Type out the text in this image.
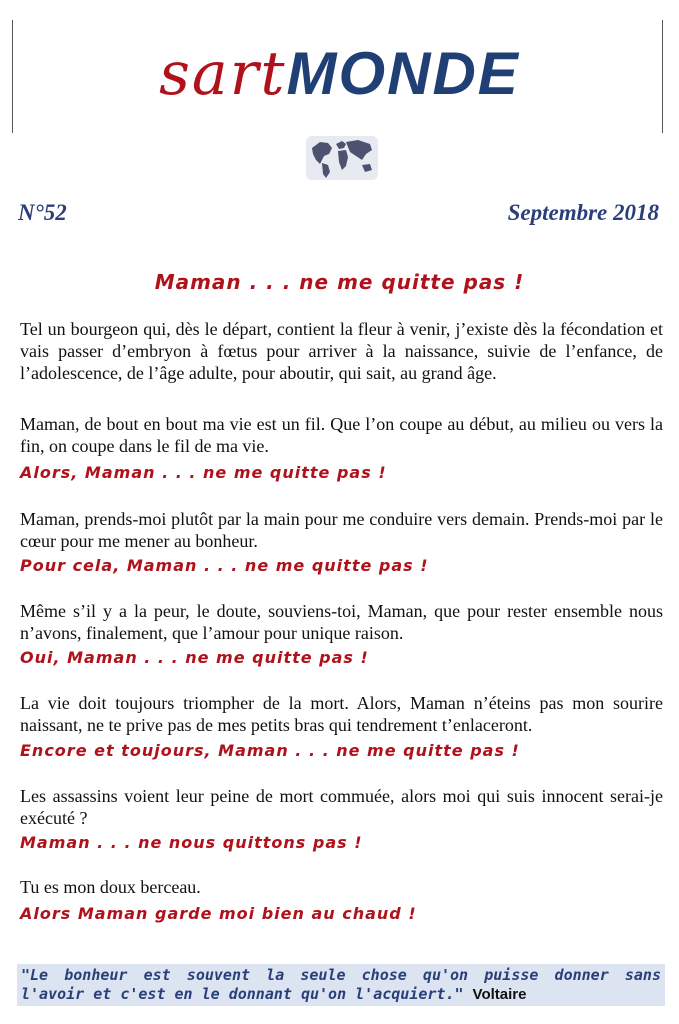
sartMONDE
N°52	Septembre 2018
Maman . . . ne me quitte pas !
Tel un bourgeon qui, dès le départ, contient la fleur à venir, j’existe dès la fécondation et vais passer d’embryon à fœtus pour arriver à la naissance, suivie de l’enfance, de l’adolescence, de l’âge adulte, pour aboutir, qui sait, au grand âge.
Maman, de bout en bout ma vie est un fil. Que l’on coupe au début, au milieu ou vers la fin, on coupe dans le fil de ma vie.
Alors, Maman . . . ne me quitte pas !
Maman, prends-moi plutôt par la main pour me conduire vers demain. Prends-moi par le cœur pour me mener au bonheur.
Pour cela, Maman . . . ne me quitte pas !
Même s’il y a la peur, le doute, souviens-toi, Maman, que pour rester ensemble nous n’avons, finalement, que l’amour pour unique raison.
Oui, Maman . . . ne me quitte pas !
La vie doit toujours triompher de la mort. Alors, Maman n’éteins pas mon sourire naissant, ne te prive pas de mes petits bras qui tendrement t’enlaceront.
Encore et toujours, Maman . . . ne me quitte pas !
Les assassins voient leur peine de mort commuée, alors moi qui suis innocent serai-je exécuté ?
Maman . . . ne nous quittons pas !
Tu es mon doux berceau.
Alors Maman garde moi bien au chaud !
"Le bonheur est souvent la seule chose qu'on puisse donner sans l'avoir et c'est en le donnant qu'on l'acquiert." Voltaire
